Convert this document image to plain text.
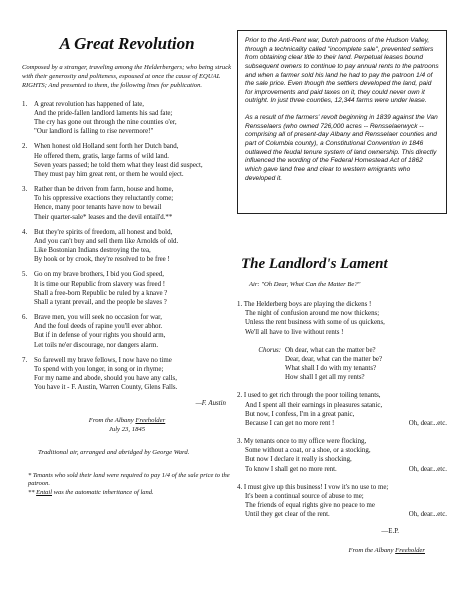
A Great Revolution
Composed by a stranger, traveling among the Helderbergers; who being struck with their generosity and politeness, espoused at once the cause of EQUAL RIGHTS; And presented to them, the following lines for publication.
1. A great revolution has happened of late,
And the pride-fallen landlord laments his sad fate;
The cry has gone out through the nine counties o'er,
"Our landlord is falling to rise nevermore!"
2. When honest old Holland sent forth her Dutch band,
He offered them, gratis, large farms of wild land.
Seven years passed; he told them what they least did suspect,
They must pay him great rent, or them he would eject.
3. Rather than be driven from farm, house and home,
To his oppressive exactions they reluctantly come;
Hence, many poor tenants have now to bewail
Their quarter-sale* leases and the devil entail'd.**
4. But they're spirits of freedom, all honest and bold,
And you can't buy and sell them like Arnolds of old.
Like Bostonian Indians destroying the tea,
By hook or by crook, they're resolved to be free !
5. Go on my brave brothers, I bid you God speed,
It is time our Republic from slavery was freed !
Shall a free-born Republic be ruled by a knave ?
Shall a tyrant prevail, and the people be slaves ?
6. Brave men, you will seek no occasion for war,
And the foul deeds of rapine you'll ever abhor.
But if in defense of your rights you should arm,
Let toils ne'er discourage, nor dangers alarm.
7. So farewell my brave fellows, I now have no time
To spend with you longer, in song or in rhyme;
For my name and abode, should you have any calls,
You have it - F. Austin, Warren County, Glens Falls.
—F. Austin
From the Albany Freeholder
July 23, 1845
Traditional air, arranged and abridged by George Ward.
* Tenants who sold their land were required to pay 1/4 of the sale price to the patroon.
** Entail was the automatic inheritance of land.

Prior to the Anti-Rent war, Dutch patroons of the Hudson Valley, through a technicality called "incomplete sale", prevented settlers from obtaining clear title to their land. Perpetual leases bound subsequent owners to continue to pay annual rents to the patroons and when a farmer sold his land he had to pay the patroon 1/4 of the sale price. Even though the settlers developed the land, paid for improvements and paid taxes on it, they could never own it outright. In just three counties, 12,344 farms were under lease.

As a result of the farmers' revolt beginning in 1839 against the Van Rensselaers (who owned 726,000 acres -- Rensselaerwyck -- comprising all of present-day Albany and Rensselaer counties and part of Columbia county), a Constitutional Convention in 1846 outlawed the feudal tenure system of land ownership. This directly influenced the wording of the Federal Homestead Act of 1862 which gave land free and clear to western emigrants who developed it.

The Landlord's Lament
Air: "Oh Dear, What Can the Matter Be?"
1. The Helderberg boys are playing the dickens !
The night of confusion around me now thickens;
Unless the rent business with some of us quickens,
We'll all have to live without rents !
Chorus: Oh dear, what can the matter be?
Dear, dear, what can the matter be?
What shall I do with my tenants?
How shall I get all my rents?
2. I used to get rich through the poor toiling tenants,
And I spent all their earnings in pleasures satanic,
But now, I confess, I'm in a great panic,
Because I can get no more rent !	Oh, dear...etc.
3. My tenants once to my office were flocking,
Some without a coat, or a shoe, or a stocking,
But now I declare it really is shocking,
To know I shall get no more rent.	Oh, dear...etc.
4. I must give up this business! I vow it's no use to me;
It's been a continual source of abuse to me;
The friends of equal rights give no peace to me
Until they get clear of the rent.	Oh, dear...etc.
—E.P.
From the Albany Freeholder
